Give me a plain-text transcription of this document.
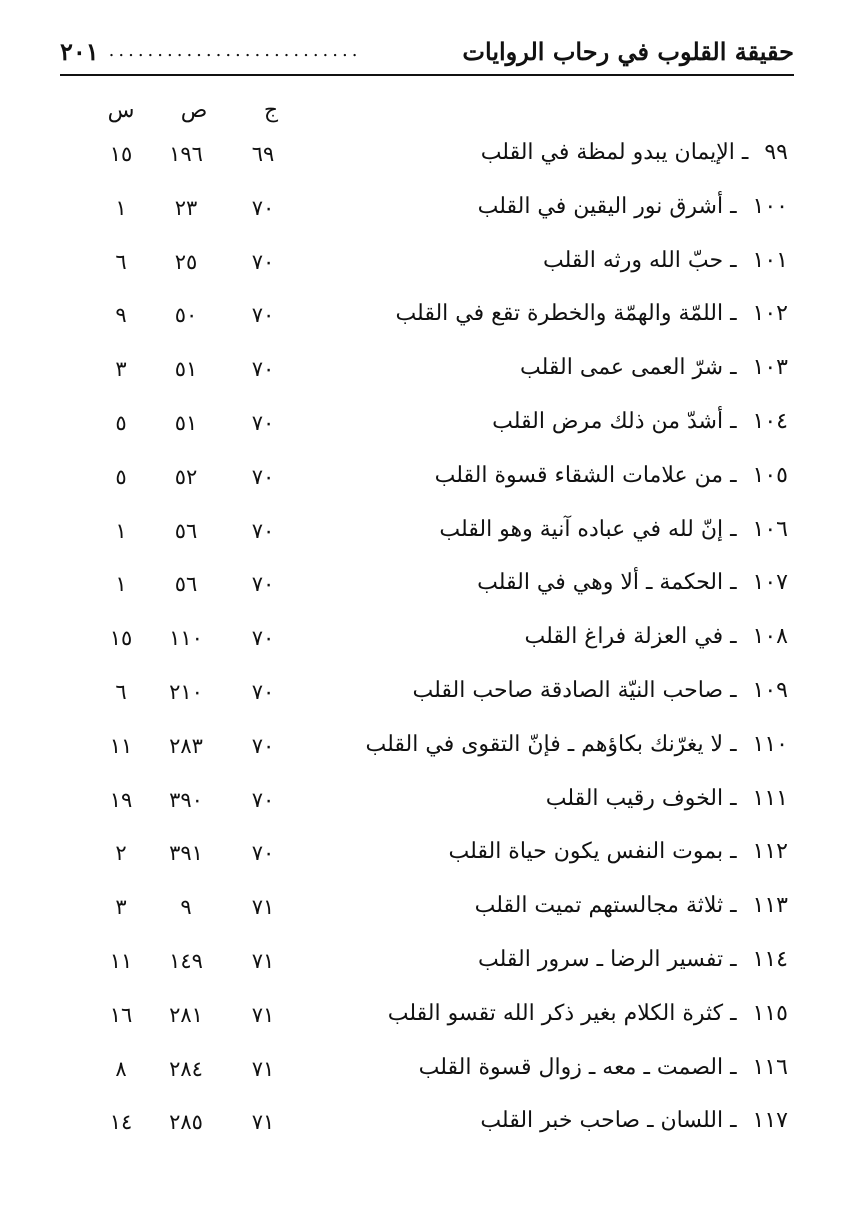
٢٠١ ..........................	حقيقة القلوب في رحاب الروايات
ج
ص
س
٩٩  ـ الإيمان يبدو لمظة في القلب
٦٩
١٩٦
١٥
١٠٠  ـ أشرق نور اليقين في القلب
٧٠
٢٣
١
١٠١  ـ حبّ الله ورثه القلب
٧٠
٢٥
٦
١٠٢  ـ اللمّة والهمّة والخطرة تقع في القلب
٧٠
٥٠
٩
١٠٣  ـ شرّ العمى عمى القلب
٧٠
٥١
٣
١٠٤  ـ أشدّ من ذلك مرض القلب
٧٠
٥١
٥
١٠٥  ـ من علامات الشقاء قسوة القلب
٧٠
٥٢
٥
١٠٦  ـ إنّ لله في عباده آنية وهو القلب
٧٠
٥٦
١
١٠٧  ـ الحكمة ـ ألا وهي في القلب
٧٠
٥٦
١
١٠٨  ـ في العزلة فراغ القلب
٧٠
١١٠
١٥
١٠٩  ـ صاحب النيّة الصادقة صاحب القلب
٧٠
٢١٠
٦
١١٠  ـ لا يغرّنك بكاؤهم ـ فإنّ التقوى في القلب
٧٠
٢٨٣
١١
١١١  ـ الخوف رقيب القلب
٧٠
٣٩٠
١٩
١١٢  ـ بموت النفس يكون حياة القلب
٧٠
٣٩١
٢
١١٣  ـ ثلاثة مجالستهم تميت القلب
٧١
٩
٣
١١٤  ـ تفسير الرضا ـ سرور القلب
٧١
١٤٩
١١
١١٥  ـ كثرة الكلام بغير ذكر الله تقسو القلب
٧١
٢٨١
١٦
١١٦  ـ الصمت ـ معه ـ زوال قسوة القلب
٧١
٢٨٤
٨
١١٧  ـ اللسان ـ صاحب خبر القلب
٧١
٢٨٥
١٤
